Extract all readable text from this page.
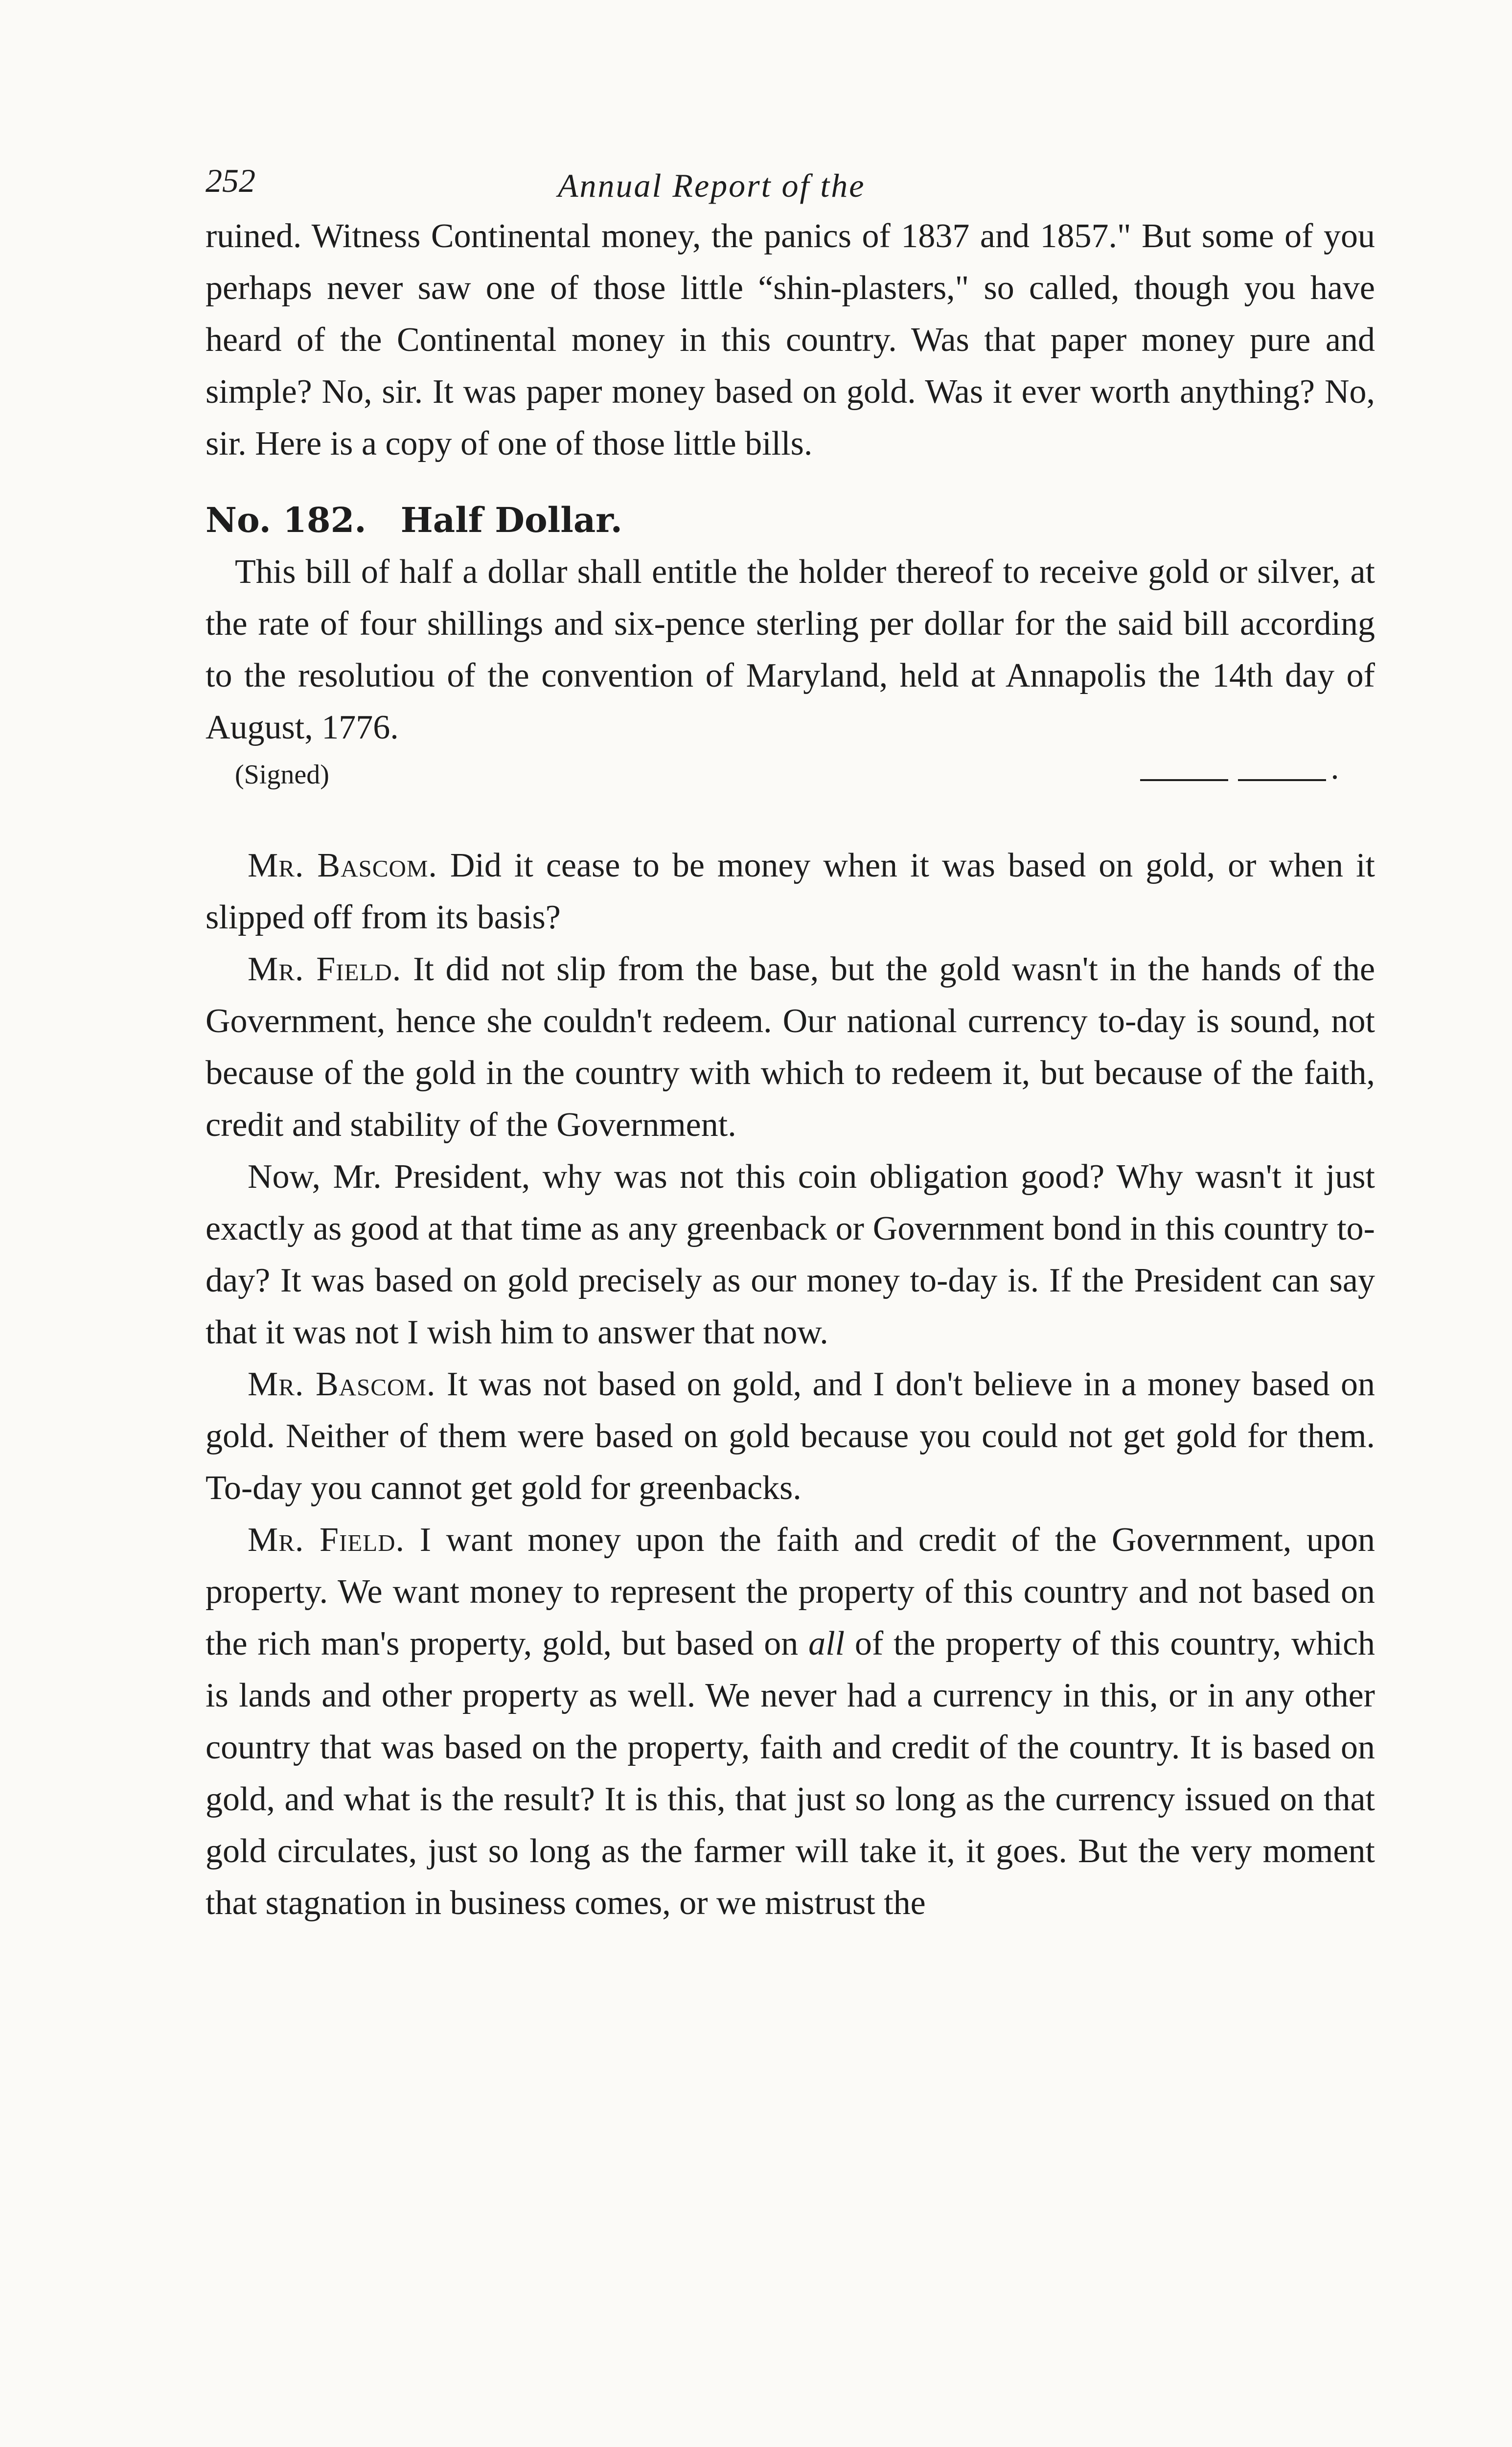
252	Annual Report of the

ruined. Witness Continental money, the panics of 1837 and 1857." But some of you perhaps never saw one of those little “shin-plasters," so called, though you have heard of the Continental money in this country. Was that paper money pure and simple? No, sir. It was paper money based on gold. Was it ever worth anything? No, sir. Here is a copy of one of those little bills.

No. 182. Half Dollar.

This bill of half a dollar shall entitle the holder thereof to receive gold or silver, at the rate of four shillings and six-pence sterling per dollar for the said bill according to the resolutiou of the convention of Maryland, held at Annapolis the 14th day of August, 1776.

(Signed)

Mr. Bascom. Did it cease to be money when it was based on gold, or when it slipped off from its basis?

Mr. Field. It did not slip from the base, but the gold wasn't in the hands of the Government, hence she couldn't redeem. Our national currency to-day is sound, not because of the gold in the country with which to redeem it, but because of the faith, credit and stability of the Government.

Now, Mr. President, why was not this coin obligation good? Why wasn't it just exactly as good at that time as any greenback or Government bond in this country to-day? It was based on gold precisely as our money to-day is. If the President can say that it was not I wish him to answer that now.

Mr. Bascom. It was not based on gold, and I don't believe in a money based on gold. Neither of them were based on gold because you could not get gold for them. To-day you cannot get gold for greenbacks.

Mr. Field. I want money upon the faith and credit of the Government, upon property. We want money to represent the property of this country and not based on the rich man's property, gold, but based on all of the property of this country, which is lands and other property as well. We never had a currency in this, or in any other country that was based on the property, faith and credit of the country. It is based on gold, and what is the result? It is this, that just so long as the currency issued on that gold circulates, just so long as the farmer will take it, it goes. But the very moment that stagnation in business comes, or we mistrust the
